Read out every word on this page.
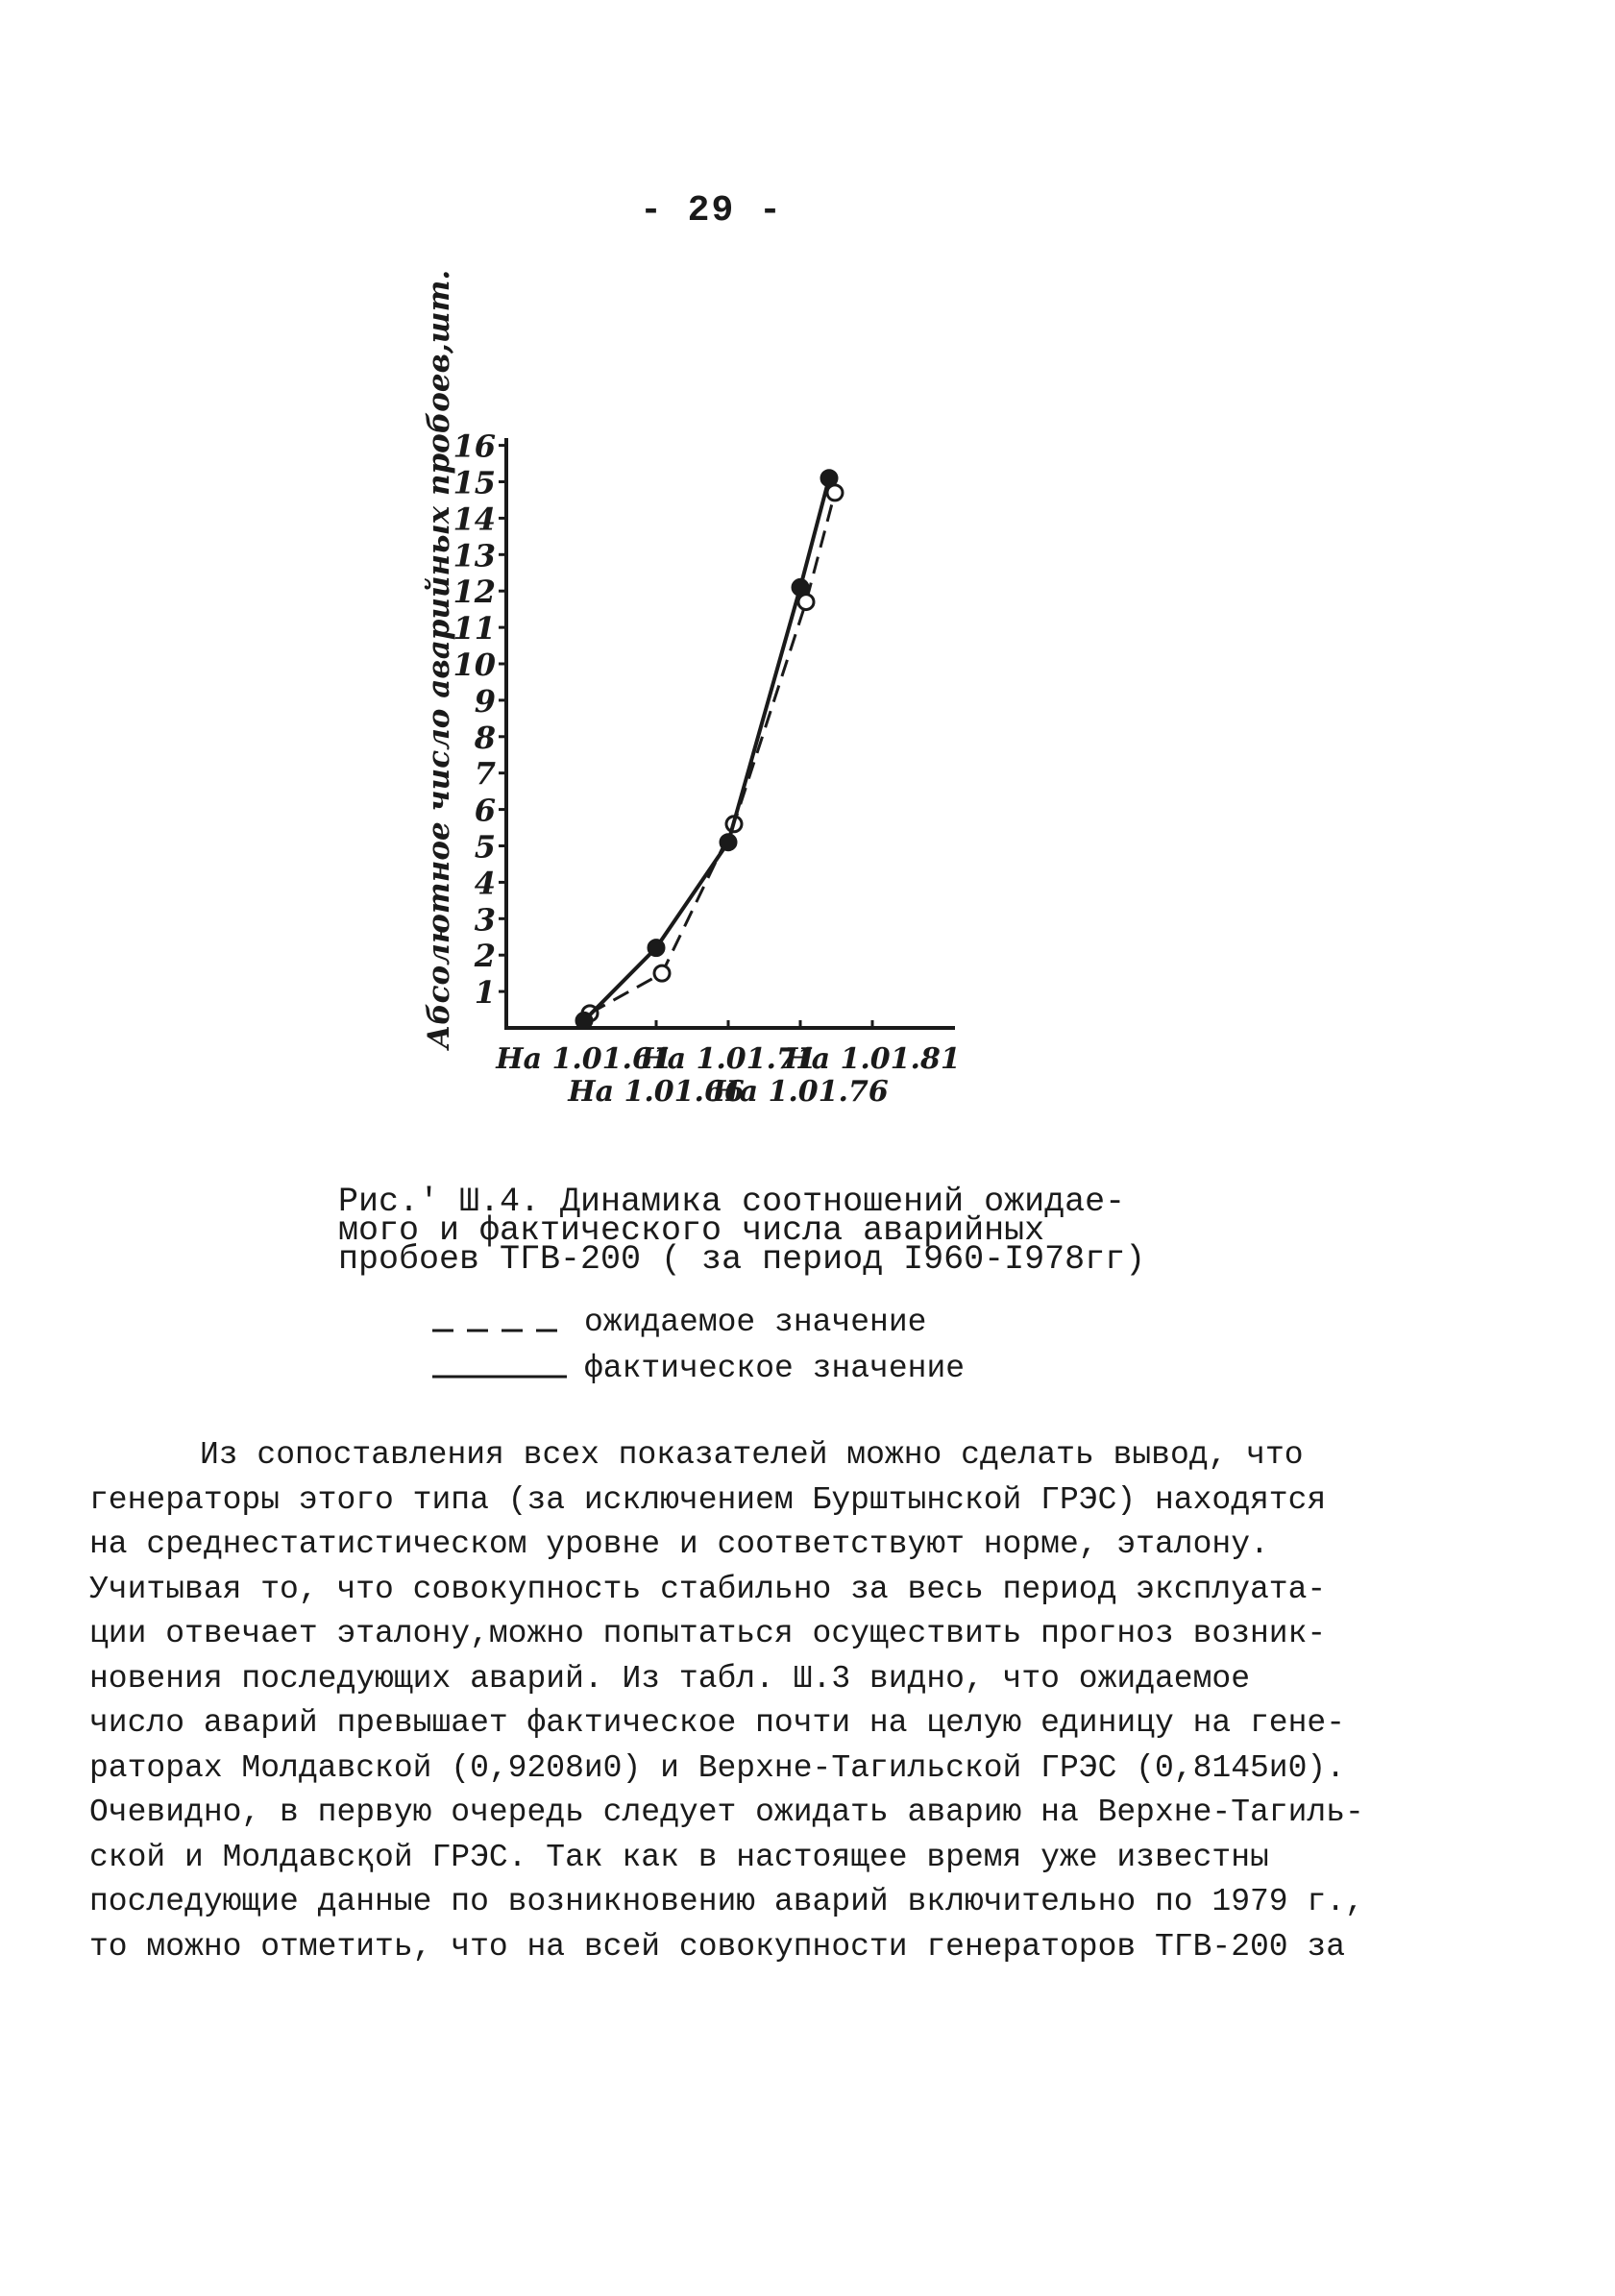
- 29 -
Абсолютное число аварийных пробоев,шт. 1
2
3
4
5
6
7
8
9
10
11
12
13
14
15
16
На 1.01.61
На 1.01.66
На 1.01.71
На 1.01.76
На 1.01.81
Рис.' Ш.4. Динамика соотношений ожидае-
мого и фактического числа аварийных
пробоев ТГВ-200 ( за период I960-I978гг)
ожидаемое значение
фактическое значение
Из сопоставления всех показателей можно сделать вывод, что
генераторы этого типа (за исключением Бурштынской ГРЭС) находятся
на среднестатистическом уровне и соответствуют норме, эталону.
Учитывая то, что совокупность стабильно за весь период эксплуата-
ции отвечает эталону,можно попытаться осуществить прогноз возник-
новения последующих аварий. Из табл. Ш.3 видно, что ожидаемое
число аварий превышает фактическое почти на целую единицу на гене-
раторах Молдавской (0,9208и0) и Верхне-Тагильской ГРЭС (0,8145и0).
Очевидно, в первую очередь следует ожидать аварию на Верхне-Тагиль-
ской и Молдавсқой ГРЭС. Так как в настоящее время уже известны
последующие данные по возникновению аварий включительно по 1979 г.,
то можно отметить, что на всей совокупности генераторов ТГВ-200 за
